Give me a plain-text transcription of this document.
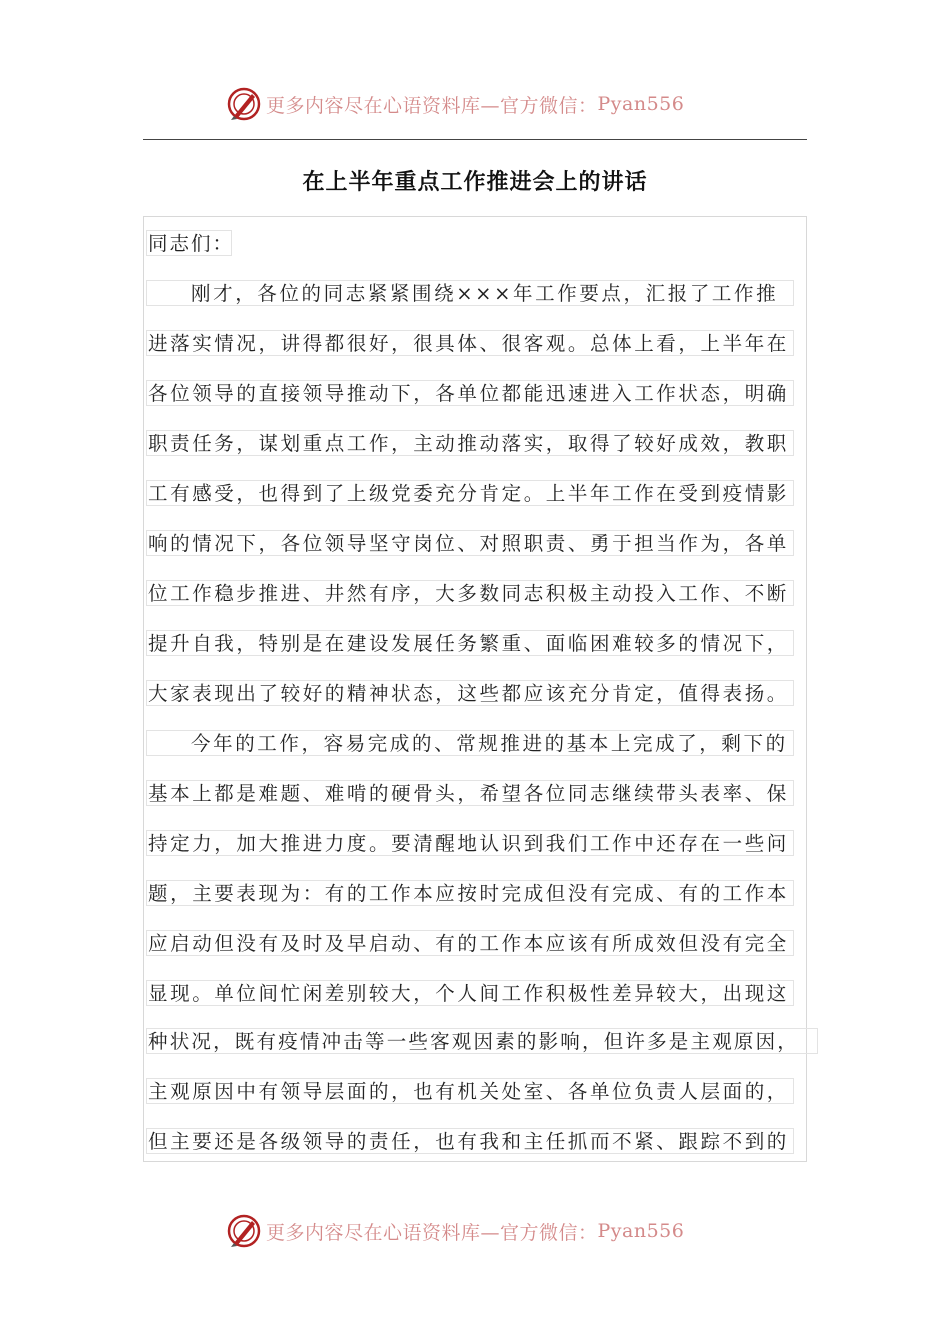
更多内容尽在心语资料库—官方微信： Pyan556
在上半年重点工作推进会上的讲话
同志们：
刚才，各位的同志紧紧围绕×××年工作要点，汇报了工作推
进落实情况，讲得都很好，很具体、很客观。总体上看，上半年在
各位领导的直接领导推动下，各单位都能迅速进入工作状态，明确
职责任务，谋划重点工作，主动推动落实，取得了较好成效，教职
工有感受，也得到了上级党委充分肯定。上半年工作在受到疫情影
响的情况下，各位领导坚守岗位、对照职责、勇于担当作为，各单
位工作稳步推进、井然有序，大多数同志积极主动投入工作、不断
提升自我，特别是在建设发展任务繁重、面临困难较多的情况下，
大家表现出了较好的精神状态，这些都应该充分肯定，值得表扬。
今年的工作，容易完成的、常规推进的基本上完成了，剩下的
基本上都是难题、难啃的硬骨头，希望各位同志继续带头表率、保
持定力，加大推进力度。要清醒地认识到我们工作中还存在一些问
题，主要表现为：有的工作本应按时完成但没有完成、有的工作本
应启动但没有及时及早启动、有的工作本应该有所成效但没有完全
显现。单位间忙闲差别较大，个人间工作积极性差异较大，出现这
种状况，既有疫情冲击等一些客观因素的影响，但许多是主观原因，
主观原因中有领导层面的，也有机关处室、各单位负责人层面的，
但主要还是各级领导的责任，也有我和主任抓而不紧、跟踪不到的
更多内容尽在心语资料库—官方微信： Pyan556
